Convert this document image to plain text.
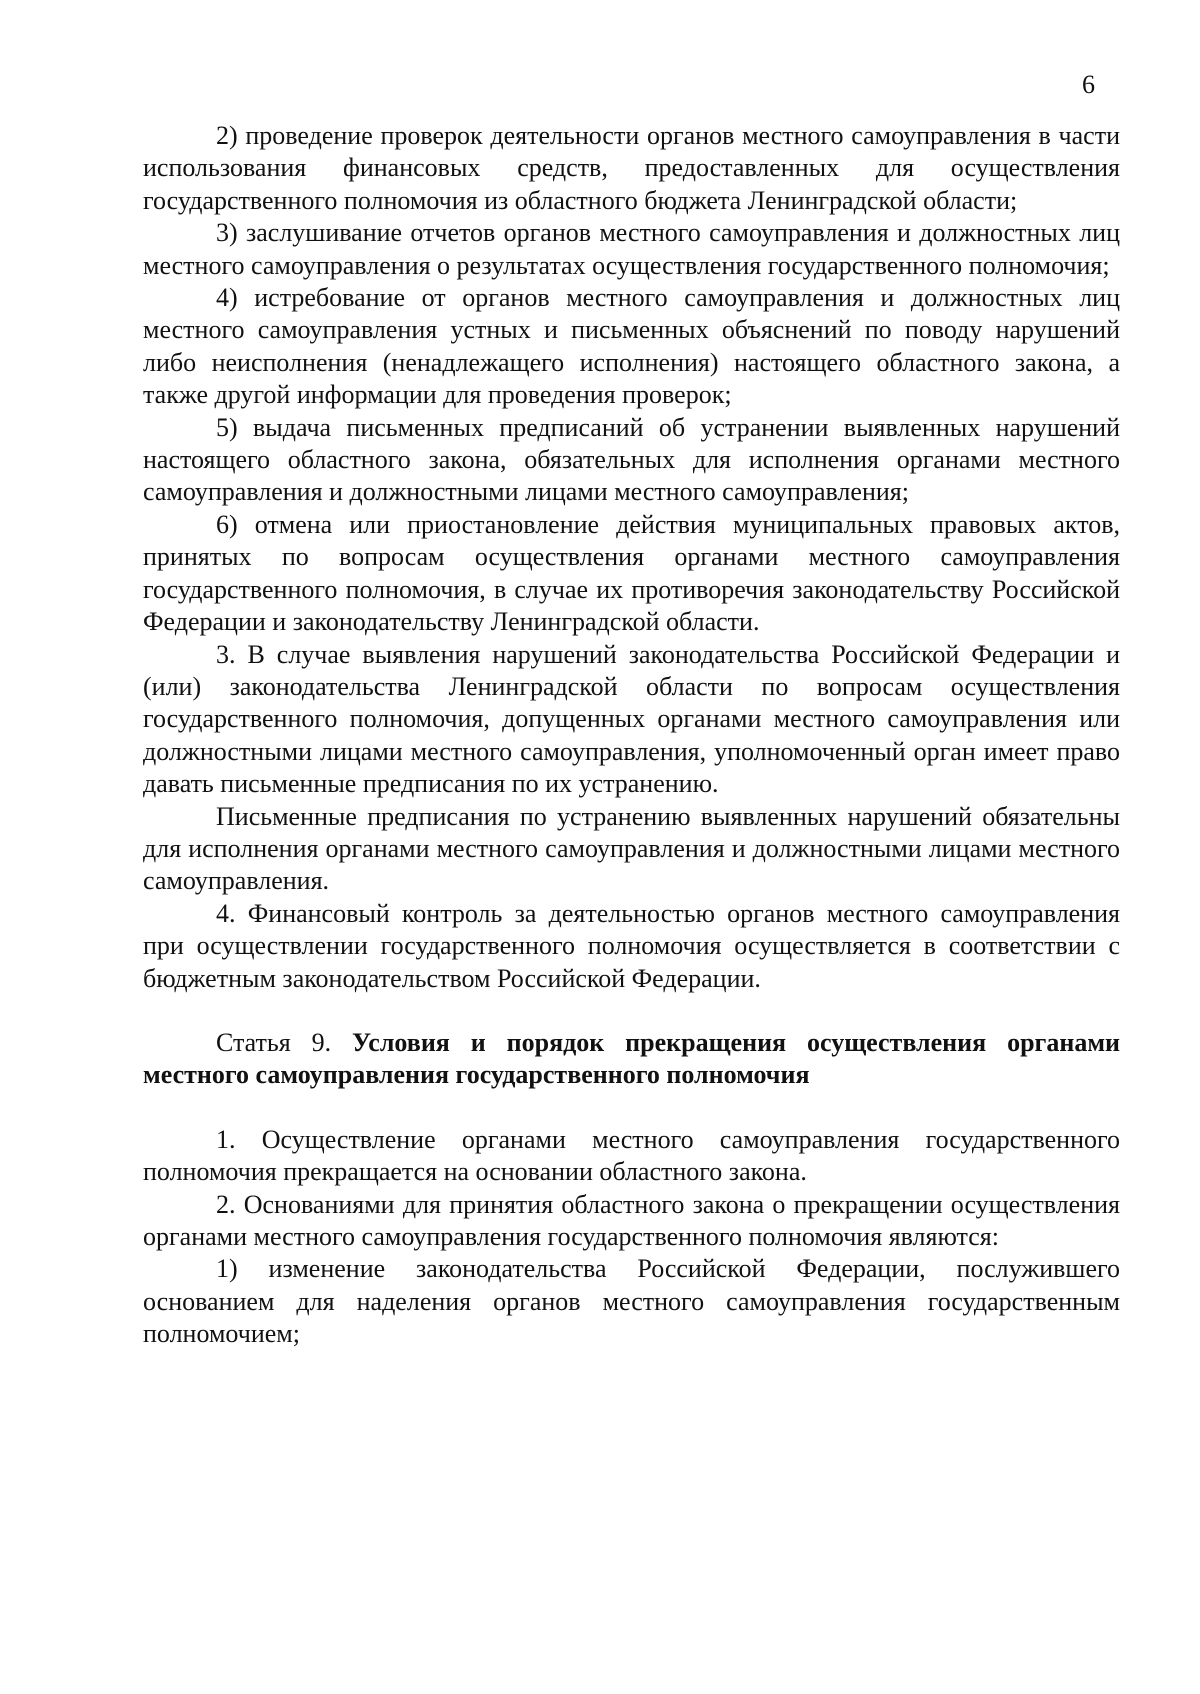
6

2) проведение проверок деятельности органов местного самоуправления в части использования финансовых средств, предоставленных для осуществления государственного полномочия из областного бюджета Ленинградской области;

3) заслушивание отчетов органов местного самоуправления и должностных лиц местного самоуправления о результатах осуществления государственного полномочия;

4) истребование от органов местного самоуправления и должностных лиц местного самоуправления устных и письменных объяснений по поводу нарушений либо неисполнения (ненадлежащего исполнения) настоящего областного закона, а также другой информации для проведения проверок;

5) выдача письменных предписаний об устранении выявленных нарушений настоящего областного закона, обязательных для исполнения органами местного самоуправления и должностными лицами местного самоуправления;

6) отмена или приостановление действия муниципальных правовых актов, принятых по вопросам осуществления органами местного самоуправления государственного полномочия, в случае их противоречия законодательству Российской Федерации и законодательству Ленинградской области.

3. В случае выявления нарушений законодательства Российской Федерации и (или) законодательства Ленинградской области по вопросам осуществления государственного полномочия, допущенных органами местного самоуправления или должностными лицами местного самоуправления, уполномоченный орган имеет право давать письменные предписания по их устранению.

Письменные предписания по устранению выявленных нарушений обязательны для исполнения органами местного самоуправления и должностными лицами местного самоуправления.

4. Финансовый контроль за деятельностью органов местного самоуправления при осуществлении государственного полномочия осуществляется в соответствии с бюджетным законодательством Российской Федерации.

Статья 9. Условия и порядок прекращения осуществления органами местного самоуправления государственного полномочия

1. Осуществление органами местного самоуправления государственного полномочия прекращается на основании областного закона.

2. Основаниями для принятия областного закона о прекращении осуществления органами местного самоуправления государственного полномочия являются:

1) изменение законодательства Российской Федерации, послужившего основанием для наделения органов местного самоуправления государственным полномочием;
